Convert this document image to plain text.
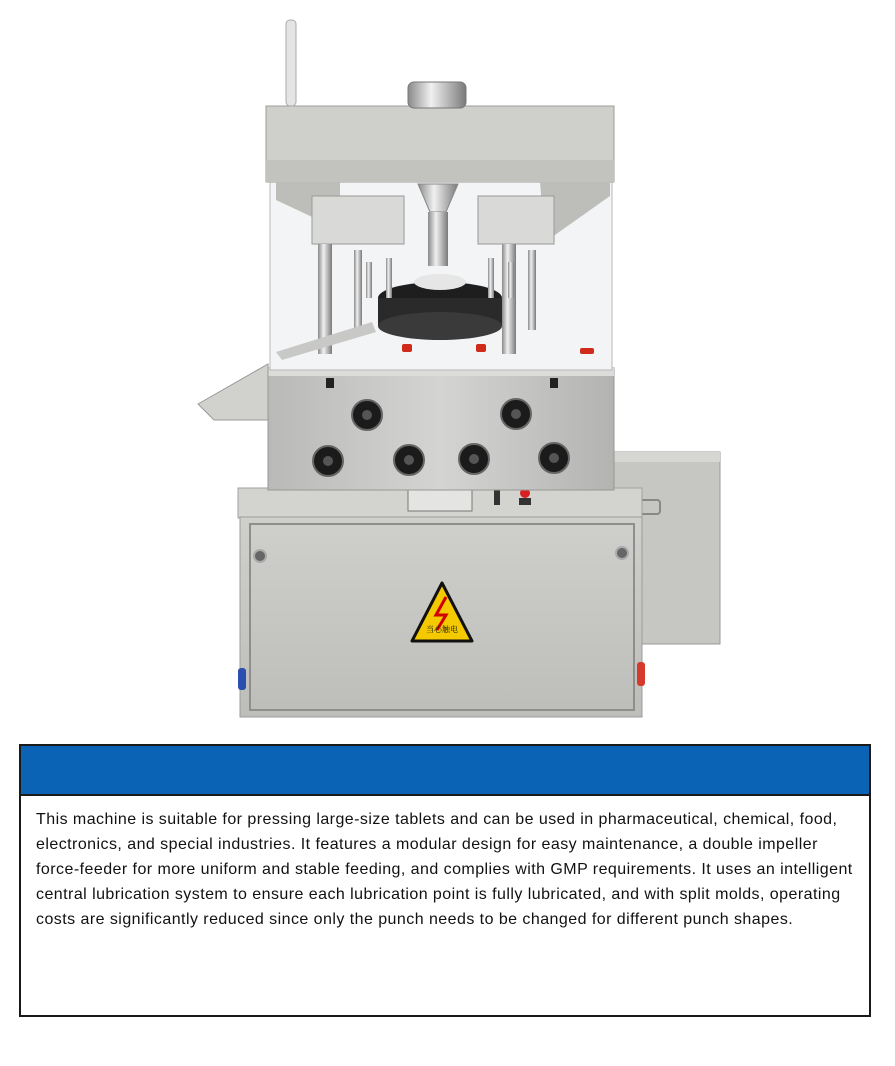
当心触电

This machine is suitable for pressing large-size tablets and can be used in pharmaceutical, chemical, food, electronics, and special industries. It features a modular design for easy maintenance, a double impeller force-feeder for more uniform and stable feeding, and complies with GMP requirements. It uses an intelligent central lubrication system to ensure each lubrication point is fully lubricated, and with split molds, operating costs are significantly reduced since only the punch needs to be changed for different punch shapes.
